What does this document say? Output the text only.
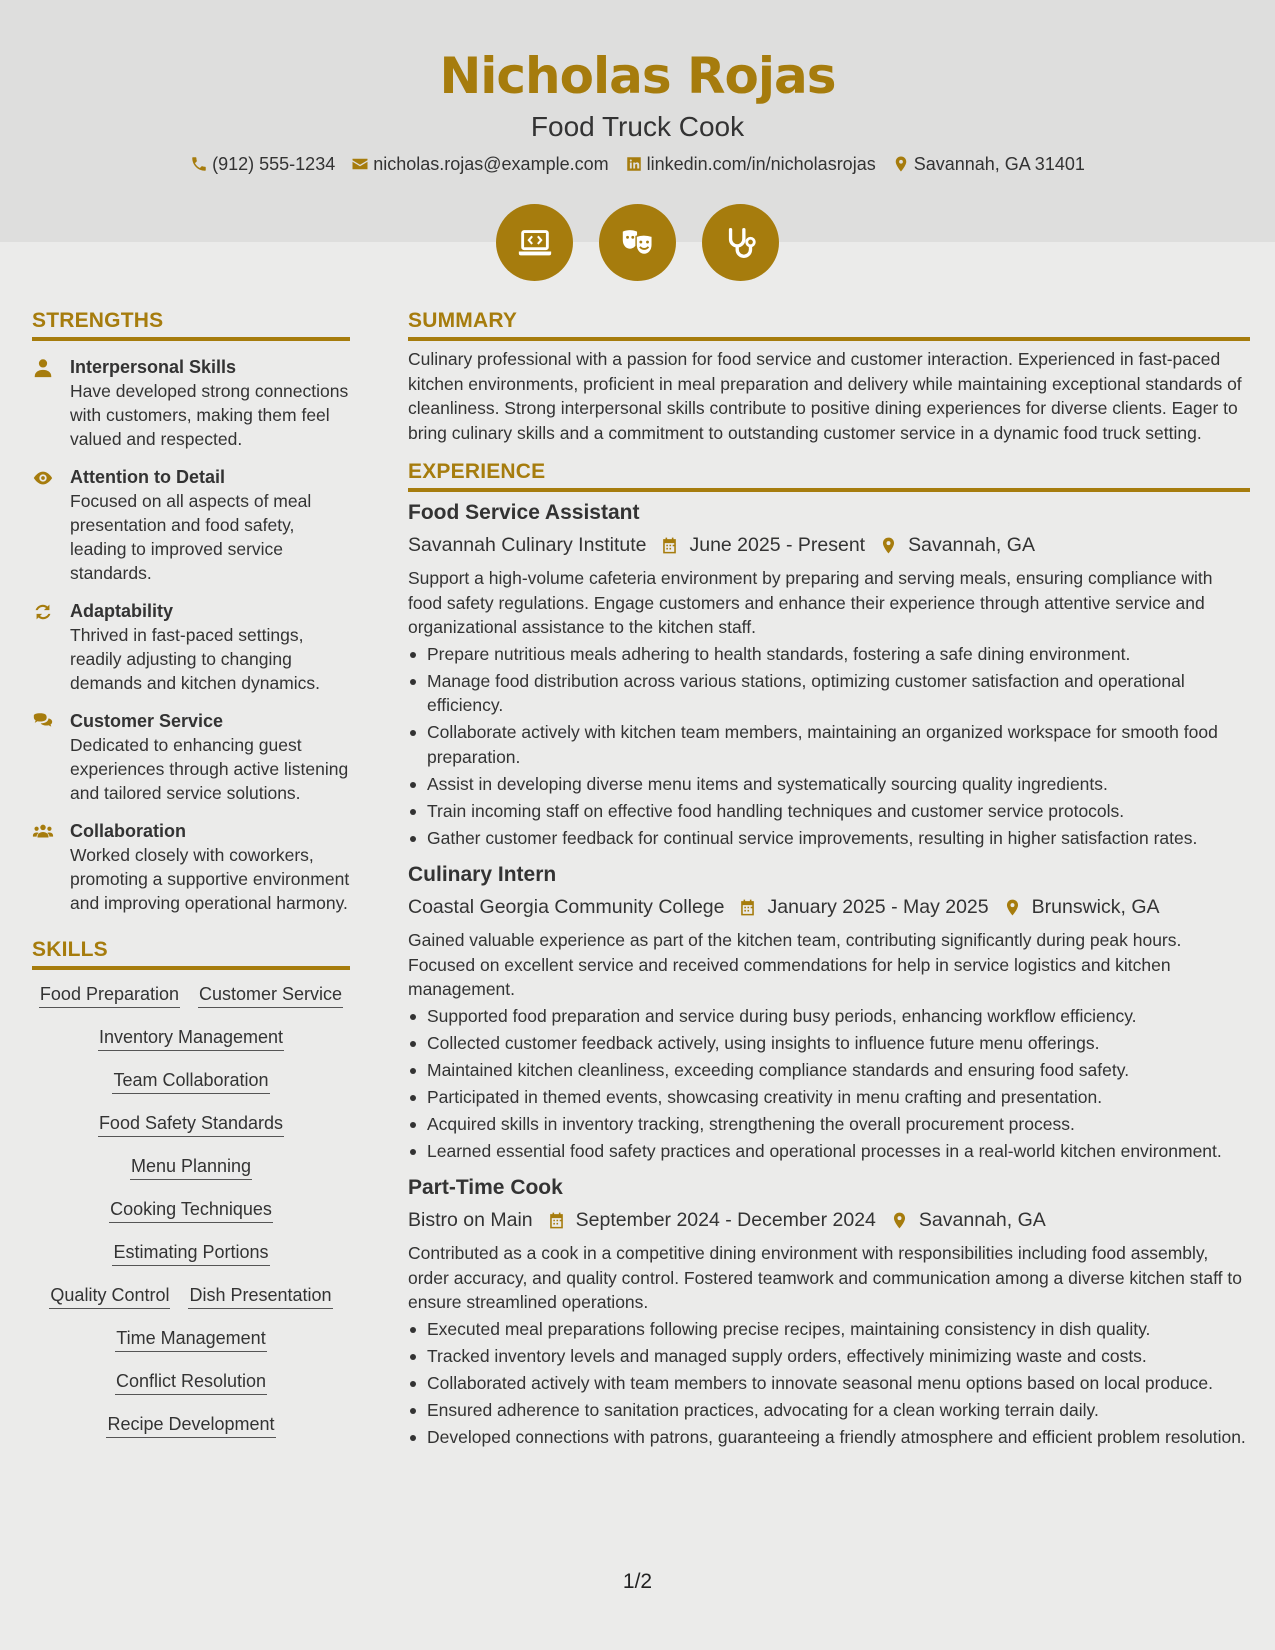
Nicholas Rojas
Food Truck Cook
(912) 555-1234 nicholas.rojas@example.com linkedin.com/in/nicholasrojas Savannah, GA 31401
STRENGTHS
Interpersonal Skills
Have developed strong connections with customers, making them feel valued and respected.
Attention to Detail
Focused on all aspects of meal presentation and food safety, leading to improved service standards.
Adaptability
Thrived in fast-paced settings, readily adjusting to changing demands and kitchen dynamics.
Customer Service
Dedicated to enhancing guest experiences through active listening and tailored service solutions.
Collaboration
Worked closely with coworkers, promoting a supportive environment and improving operational harmony.
SKILLS
Food Preparation Customer Service
Inventory Management
Team Collaboration
Food Safety Standards
Menu Planning
Cooking Techniques
Estimating Portions
Quality Control Dish Presentation
Time Management
Conflict Resolution
Recipe Development
SUMMARY
Culinary professional with a passion for food service and customer interaction. Experienced in fast-paced kitchen environments, proficient in meal preparation and delivery while maintaining exceptional standards of cleanliness. Strong interpersonal skills contribute to positive dining experiences for diverse clients. Eager to bring culinary skills and a commitment to outstanding customer service in a dynamic food truck setting.
EXPERIENCE
Food Service Assistant
Savannah Culinary Institute June 2025 - Present Savannah, GA
Support a high-volume cafeteria environment by preparing and serving meals, ensuring compliance with food safety regulations. Engage customers and enhance their experience through attentive service and organizational assistance to the kitchen staff.
Prepare nutritious meals adhering to health standards, fostering a safe dining environment.
Manage food distribution across various stations, optimizing customer satisfaction and operational efficiency.
Collaborate actively with kitchen team members, maintaining an organized workspace for smooth food preparation.
Assist in developing diverse menu items and systematically sourcing quality ingredients.
Train incoming staff on effective food handling techniques and customer service protocols.
Gather customer feedback for continual service improvements, resulting in higher satisfaction rates.
Culinary Intern
Coastal Georgia Community College January 2025 - May 2025 Brunswick, GA
Gained valuable experience as part of the kitchen team, contributing significantly during peak hours. Focused on excellent service and received commendations for help in service logistics and kitchen management.
Supported food preparation and service during busy periods, enhancing workflow efficiency.
Collected customer feedback actively, using insights to influence future menu offerings.
Maintained kitchen cleanliness, exceeding compliance standards and ensuring food safety.
Participated in themed events, showcasing creativity in menu crafting and presentation.
Acquired skills in inventory tracking, strengthening the overall procurement process.
Learned essential food safety practices and operational processes in a real-world kitchen environment.
Part-Time Cook
Bistro on Main September 2024 - December 2024 Savannah, GA
Contributed as a cook in a competitive dining environment with responsibilities including food assembly, order accuracy, and quality control. Fostered teamwork and communication among a diverse kitchen staff to ensure streamlined operations.
Executed meal preparations following precise recipes, maintaining consistency in dish quality.
Tracked inventory levels and managed supply orders, effectively minimizing waste and costs.
Collaborated actively with team members to innovate seasonal menu options based on local produce.
Ensured adherence to sanitation practices, advocating for a clean working terrain daily.
Developed connections with patrons, guaranteeing a friendly atmosphere and efficient problem resolution.
1/2
